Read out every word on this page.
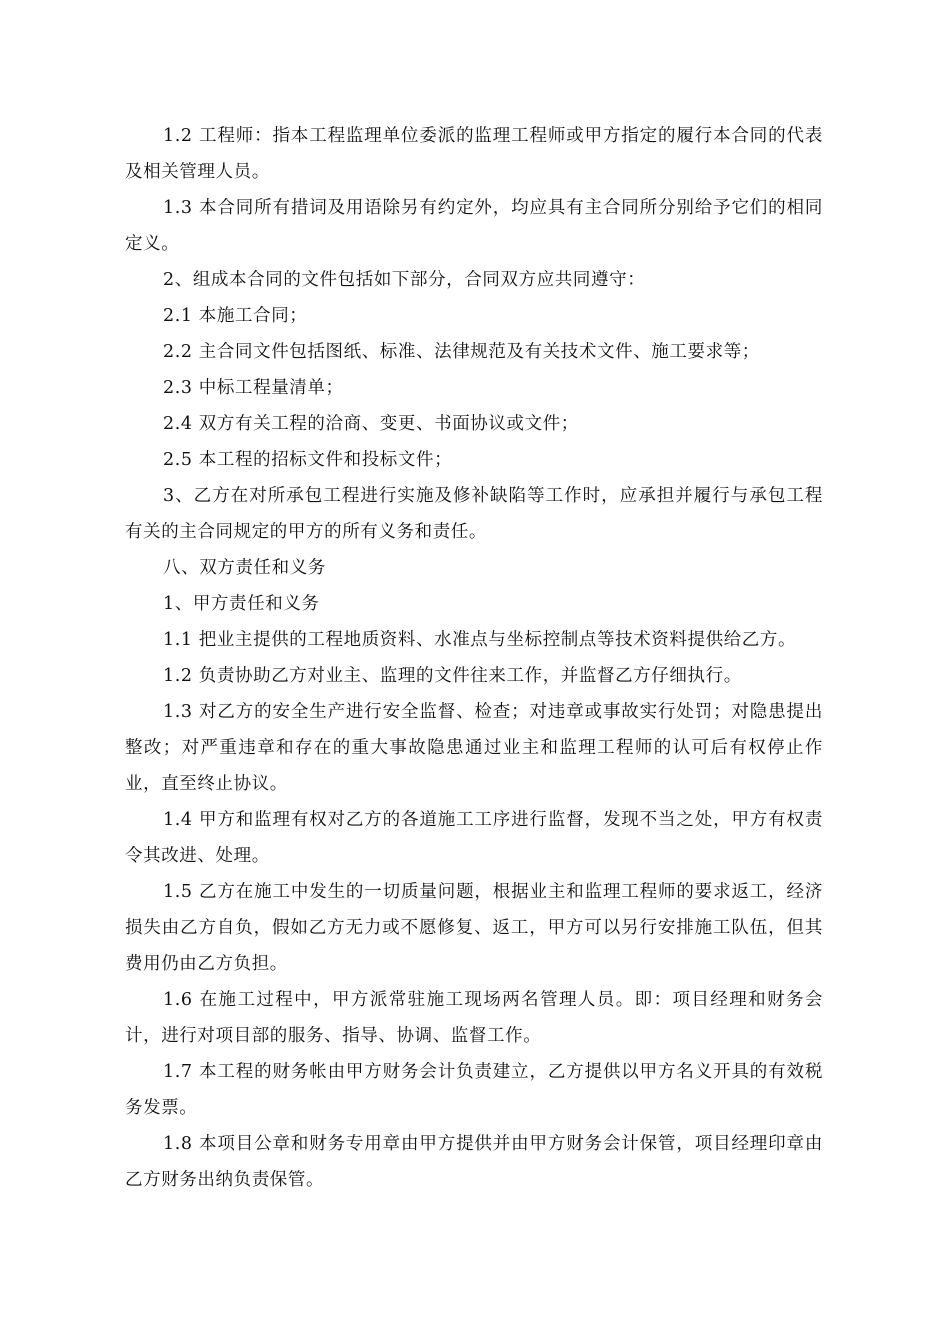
1.2 工程师：指本工程监理单位委派的监理工程师或甲方指定的履行本合同的代表及相关管理人员。

1.3 本合同所有措词及用语除另有约定外，均应具有主合同所分别给予它们的相同定义。

2、组成本合同的文件包括如下部分，合同双方应共同遵守：

2.1 本施工合同；

2.2 主合同文件包括图纸、标准、法律规范及有关技术文件、施工要求等；

2.3 中标工程量清单；

2.4 双方有关工程的洽商、变更、书面协议或文件；

2.5 本工程的招标文件和投标文件；

3、乙方在对所承包工程进行实施及修补缺陷等工作时，应承担并履行与承包工程有关的主合同规定的甲方的所有义务和责任。

八、双方责任和义务

1、甲方责任和义务

1.1 把业主提供的工程地质资料、水准点与坐标控制点等技术资料提供给乙方。

1.2 负责协助乙方对业主、监理的文件往来工作，并监督乙方仔细执行。

1.3 对乙方的安全生产进行安全监督、检查；对违章或事故实行处罚；对隐患提出整改；对严重违章和存在的重大事故隐患通过业主和监理工程师的认可后有权停止作业，直至终止协议。

1.4 甲方和监理有权对乙方的各道施工工序进行监督，发现不当之处，甲方有权责令其改进、处理。

1.5 乙方在施工中发生的一切质量问题，根据业主和监理工程师的要求返工，经济损失由乙方自负，假如乙方无力或不愿修复、返工，甲方可以另行安排施工队伍，但其费用仍由乙方负担。

1.6 在施工过程中，甲方派常驻施工现场两名管理人员。即：项目经理和财务会计，进行对项目部的服务、指导、协调、监督工作。

1.7 本工程的财务帐由甲方财务会计负责建立，乙方提供以甲方名义开具的有效税务发票。

1.8 本项目公章和财务专用章由甲方提供并由甲方财务会计保管，项目经理印章由乙方财务出纳负责保管。
